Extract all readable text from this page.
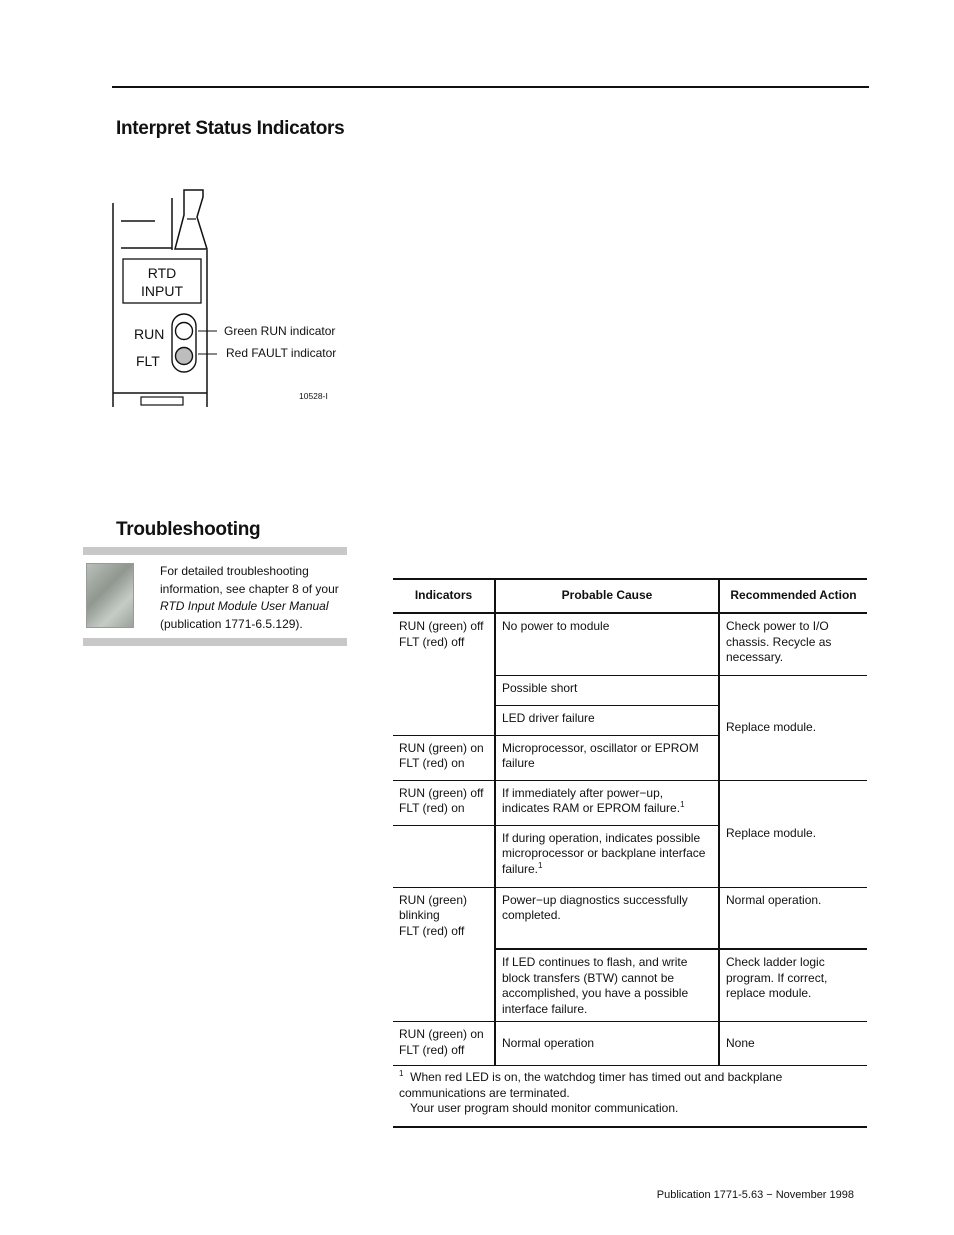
Interpret Status Indicators
RTD
INPUT
RUN
FLT
Green RUN indicator
Red FAULT indicator
10528-I
Troubleshooting
For detailed troubleshooting
information, see chapter 8 of your
RTD Input Module User Manual
(publication 1771-6.5.129).
Indicators	Probable Cause	Recommended Action

RUN (green) off
FLT (red) off	No power to module	Check power to I/O chassis. Recycle as necessary.
	Possible short	Replace module.
	LED driver failure	

RUN (green) on
FLT (red) on	Microprocessor, oscillator or EPROM failure	

RUN (green) off
FLT (red) on	If immediately after power−up, indicates RAM or EPROM failure.$^1$	Replace module.
	If during operation, indicates possible microprocessor or backplane interface failure.$^1$

RUN (green)
blinking
FLT (red) off	Power−up diagnostics successfully completed.	Normal operation.
	If LED continues to flash, and write block transfers (BTW) cannot be accomplished, you have a possible interface failure.	Check ladder logic program. If correct, replace module.

RUN (green) on
FLT (red) off	Normal operation	None

$^1$ When red LED is on, the watchdog timer has timed out and backplane communications are terminated.
Your user program should monitor communication.		
Publication 1771-5.63 − November 1998
